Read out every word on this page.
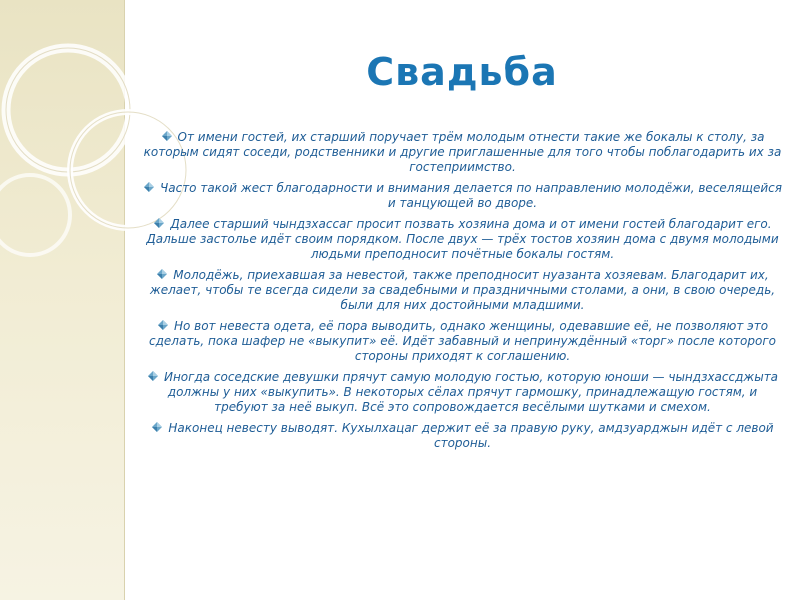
Свадьба
От имени гостей, их старший поручает трём молодым отнести такие же бокалы к столу, за которым сидят соседи, родственники и другие приглашенные для того чтобы поблагодарить их за гостеприимство.
Часто такой жест благодарности и внимания делается по направлению молодёжи, веселящейся и танцующей во дворе.
Далее старший чындзхассаг просит позвать хозяина дома и от имени гостей благодарит его. Дальше застолье идёт своим порядком. После двух — трёх тостов хозяин дома с двумя молодыми людьми преподносит почётные бокалы гостям.
Молодёжь, приехавшая за невестой, также преподносит нуазанта хозяевам. Благодарит их, желает, чтобы те всегда сидели за свадебными и праздничными столами, а они, в свою очередь, были для них достойными младшими.
Но вот невеста одета, её пора выводить, однако женщины, одевавшие её, не позволяют это сделать, пока шафер не «выкупит» её. Идёт забавный и непринуждённый «торг» после которого стороны приходят к соглашению.
Иногда соседские девушки прячут самую молодую гостью, которую юноши — чындзхассджыта должны у них «выкупить». В некоторых сёлах прячут гармошку, принадлежащую гостям, и требуют за неё выкуп. Всё это сопровождается весёлыми шутками и смехом.
Наконец невесту выводят. Кухылхацаг держит её за правую руку, амдзуарджын идёт с левой стороны.
